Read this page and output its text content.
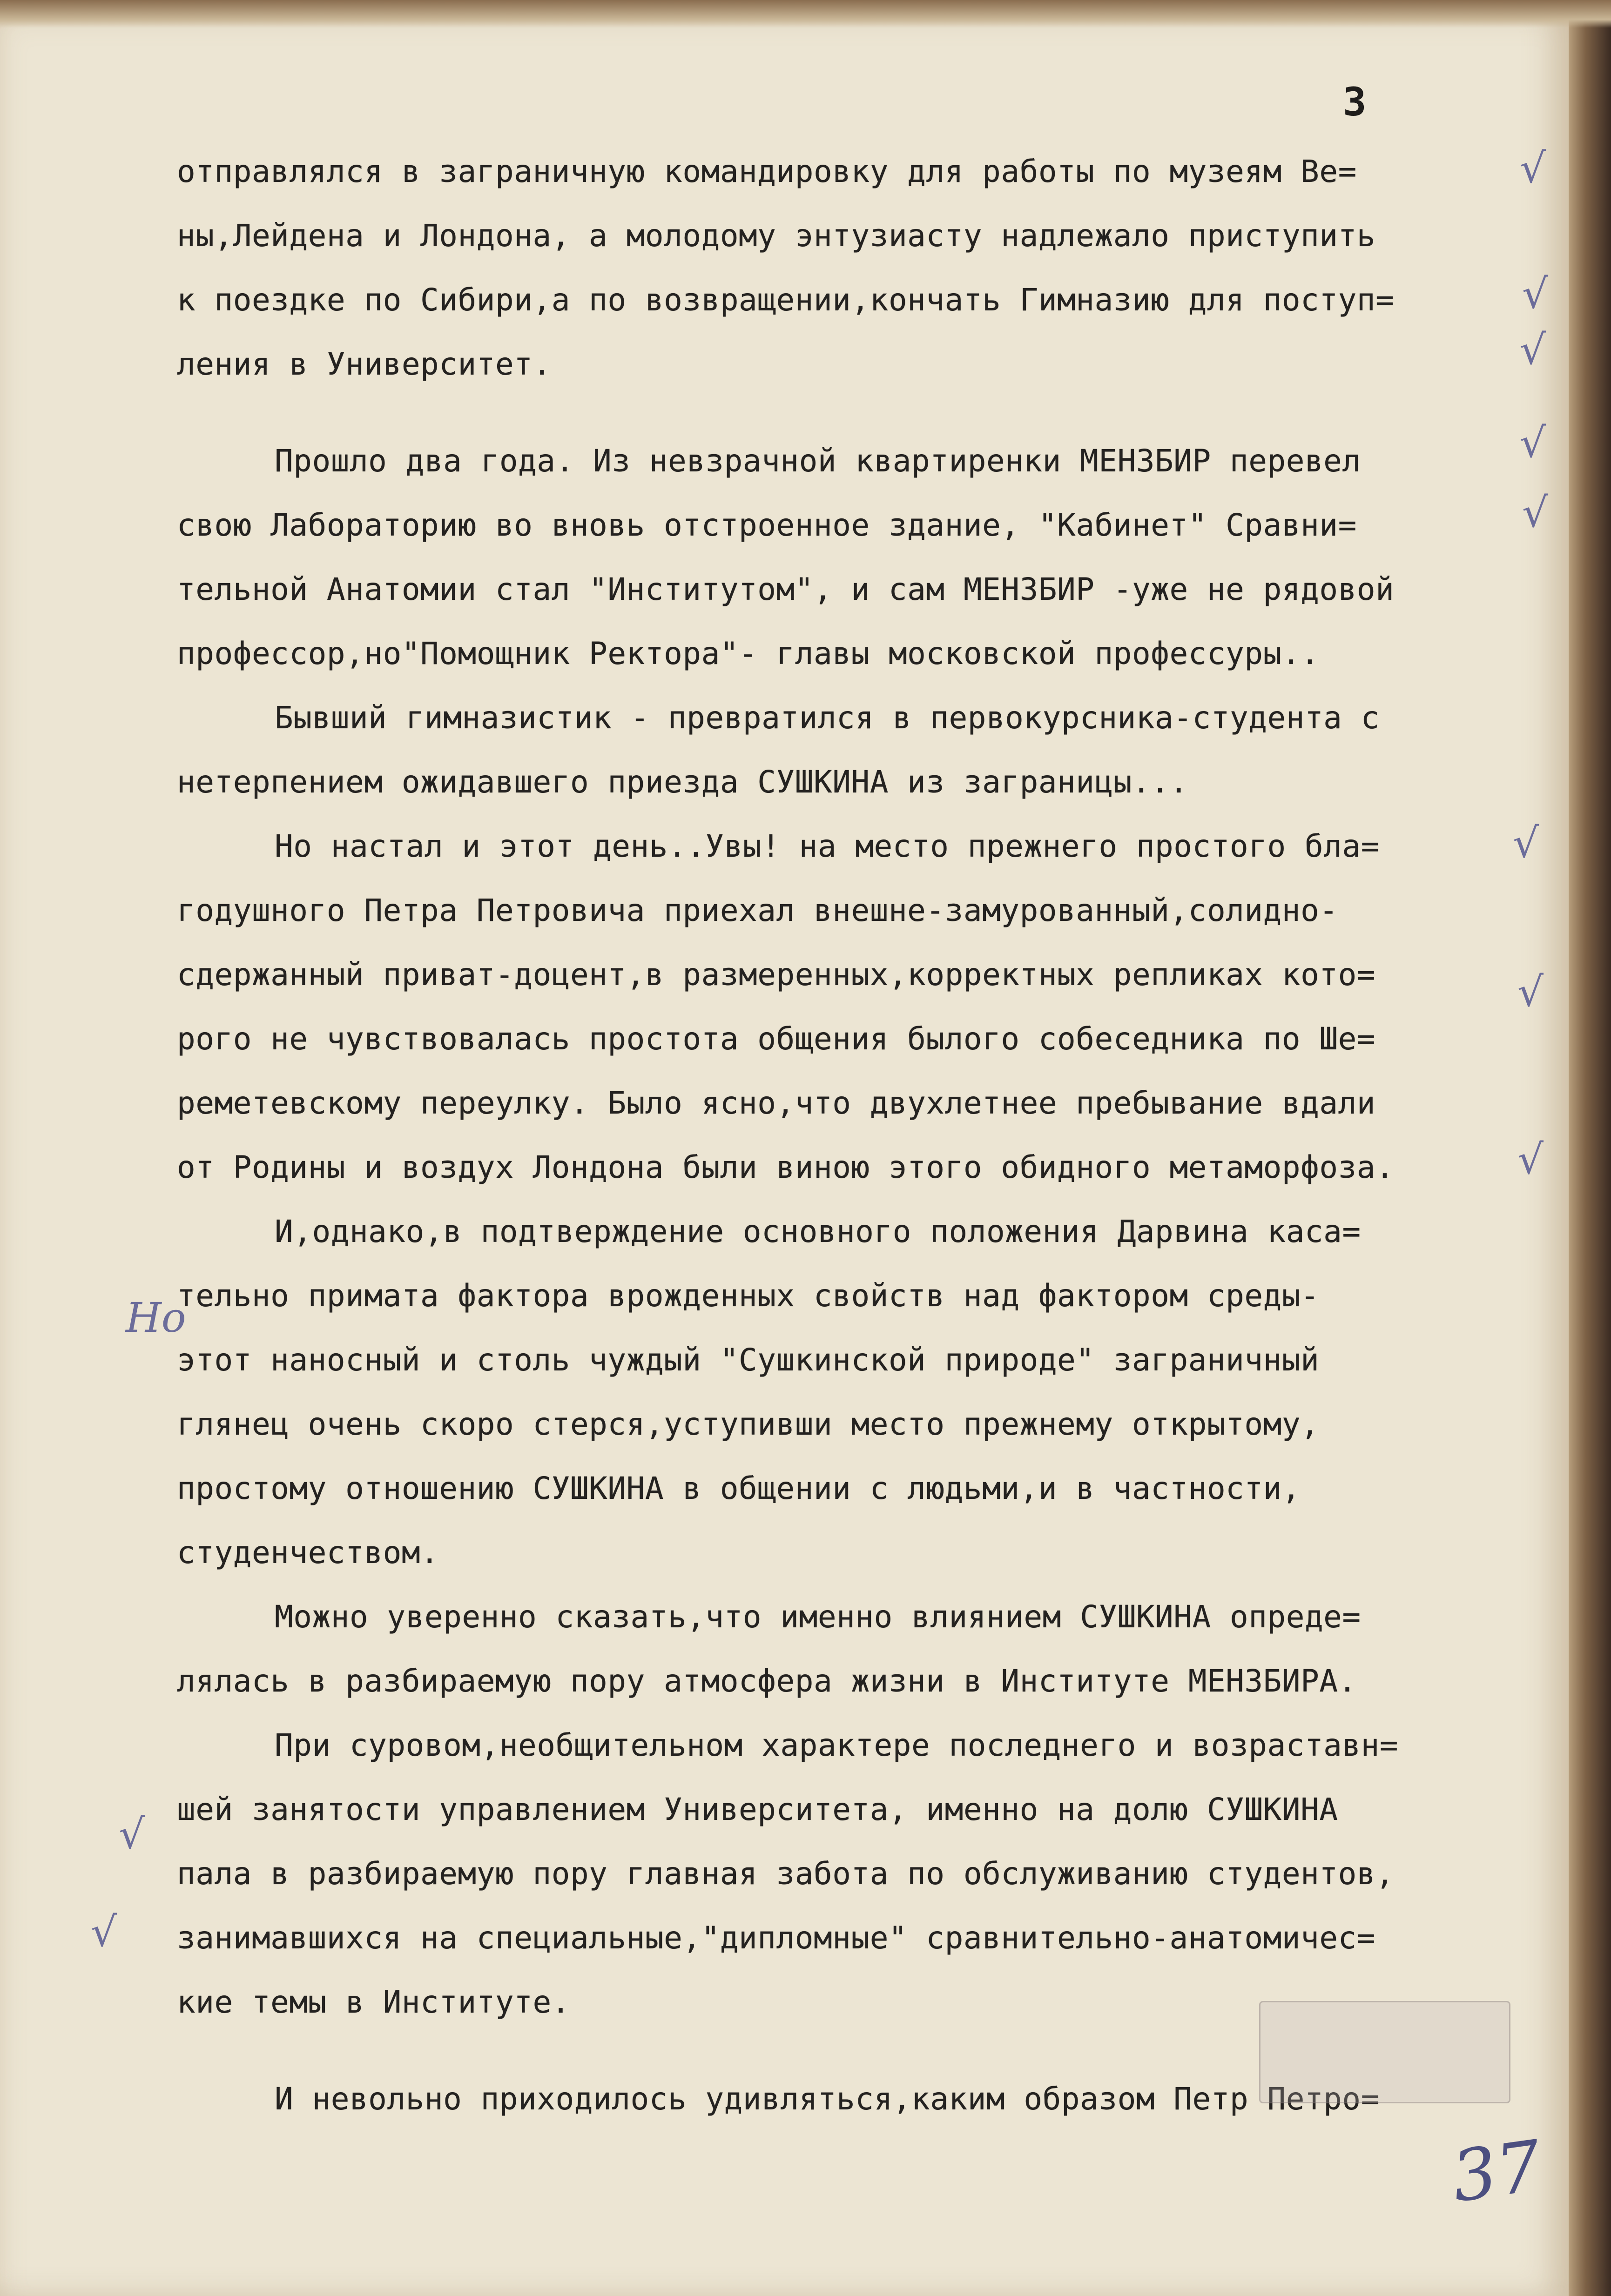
3
отправлялся в заграничную командировку для работы по музеям Ве=
ны,Лейдена и Лондона, а молодому энтузиасту надлежало приступить
к поездке по Сибири,а по возвращении,кончать Гимназию для поступ=
ления в Университет.
Прошло два года. Из невзрачной квартиренки МЕНЗБИР перевел
свою Лабораторию во вновь отстроенное здание, "Кабинет" Сравни=
тельной Анатомии стал "Институтом", и сам МЕНЗБИР -уже не рядовой
профессор,но"Помощник Ректора"- главы московской профессуры..
Бывший гимназистик - превратился в первокурсника-студента с
нетерпением ожидавшего приезда СУШКИНА из заграницы...
Но настал и этот день..Увы! на место прежнего простого бла=
годушного Петра Петровича приехал внешне-замурованный,солидно-
сдержанный приват-доцент,в размеренных,корректных репликах кото=
рого не чувствовалась простота общения былого собеседника по Ше=
реметевскому переулку. Было ясно,что двухлетнее пребывание вдали
от Родины и воздух Лондона были виною этого обидного метаморфоза.
И,однако,в подтверждение основного положения Дарвина каса=
тельно примата фактора врожденных свойств над фактором среды-
этот наносный и столь чуждый "Сушкинской природе" заграничный
глянец очень скоро стерся,уступивши место прежнему открытому,
простому отношению СУШКИНА в общении с людьми,и в частности,
студенчеством.
Можно уверенно сказать,что именно влиянием СУШКИНА опреде=
лялась в разбираемую пору атмосфера жизни в Институте МЕНЗБИРА.
При суровом,необщительном характере последнего и возраставн=
шей занятости управлением Университета, именно на долю СУШКИНА
пала в разбираемую пору главная забота по обслуживанию студентов,
занимавшихся на специальные,"дипломные" сравнительно-анатомичес=
кие темы в Институте.
И невольно приходилось удивляться,каким образом Петр Петро=
Но
√
√
√
√
√
√
√
√
√
√
37
